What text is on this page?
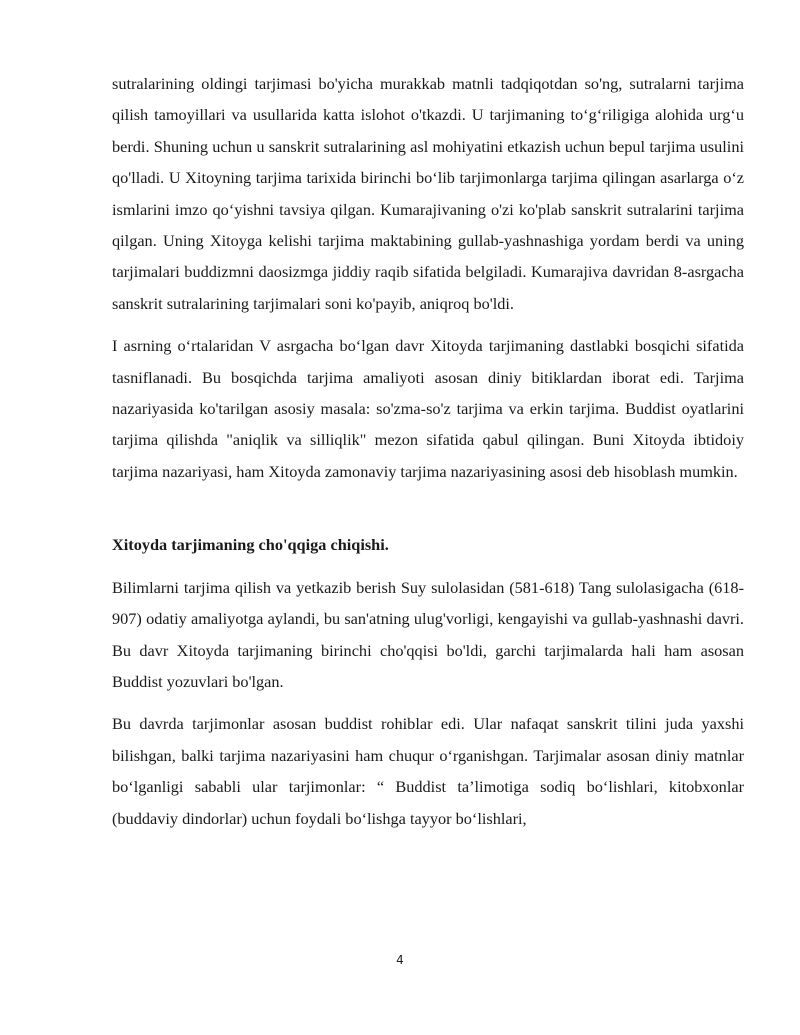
sutralarining oldingi tarjimasi bo'yicha murakkab matnli tadqiqotdan so'ng, sutralarni tarjima qilish tamoyillari va usullarida katta islohot o'tkazdi. U tarjimaning to‘g‘riligiga alohida urg‘u berdi. Shuning uchun u sanskrit sutralarining asl mohiyatini etkazish uchun bepul tarjima usulini qo'lladi. U Xitoyning tarjima tarixida birinchi bo‘lib tarjimonlarga tarjima qilingan asarlarga o‘z ismlarini imzo qo‘yishni tavsiya qilgan. Kumarajivaning o'zi ko'plab sanskrit sutralarini tarjima qilgan. Uning Xitoyga kelishi tarjima maktabining gullab-yashnashiga yordam berdi va uning tarjimalari buddizmni daosizmga jiddiy raqib sifatida belgiladi. Kumarajiva davridan 8-asrgacha sanskrit sutralarining tarjimalari soni ko'payib, aniqroq bo'ldi.

I asrning o‘rtalaridan V asrgacha bo‘lgan davr Xitoyda tarjimaning dastlabki bosqichi sifatida tasniflanadi. Bu bosqichda tarjima amaliyoti asosan diniy bitiklardan iborat edi. Tarjima nazariyasida ko'tarilgan asosiy masala: so'zma-so'z tarjima va erkin tarjima. Buddist oyatlarini tarjima qilishda "aniqlik va silliqlik" mezon sifatida qabul qilingan. Buni Xitoyda ibtidoiy tarjima nazariyasi, ham Xitoyda zamonaviy tarjima nazariyasining asosi deb hisoblash mumkin.

Xitoyda tarjimaning cho'qqiga chiqishi.

Bilimlarni tarjima qilish va yetkazib berish Suy sulolasidan (581-618) Tang sulolasigacha (618-907) odatiy amaliyotga aylandi, bu san'atning ulug'vorligi, kengayishi va gullab-yashnashi davri. Bu davr Xitoyda tarjimaning birinchi cho'qqisi bo'ldi, garchi tarjimalarda hali ham asosan Buddist yozuvlari bo'lgan.

Bu davrda tarjimonlar asosan buddist rohiblar edi. Ular nafaqat sanskrit tilini juda yaxshi bilishgan, balki tarjima nazariyasini ham chuqur o‘rganishgan. Tarjimalar asosan diniy matnlar bo‘lganligi sababli ular tarjimonlar: “ Buddist ta’limotiga sodiq bo‘lishlari, kitobxonlar (buddaviy dindorlar) uchun foydali bo‘lishga tayyor bo‘lishlari,

4
